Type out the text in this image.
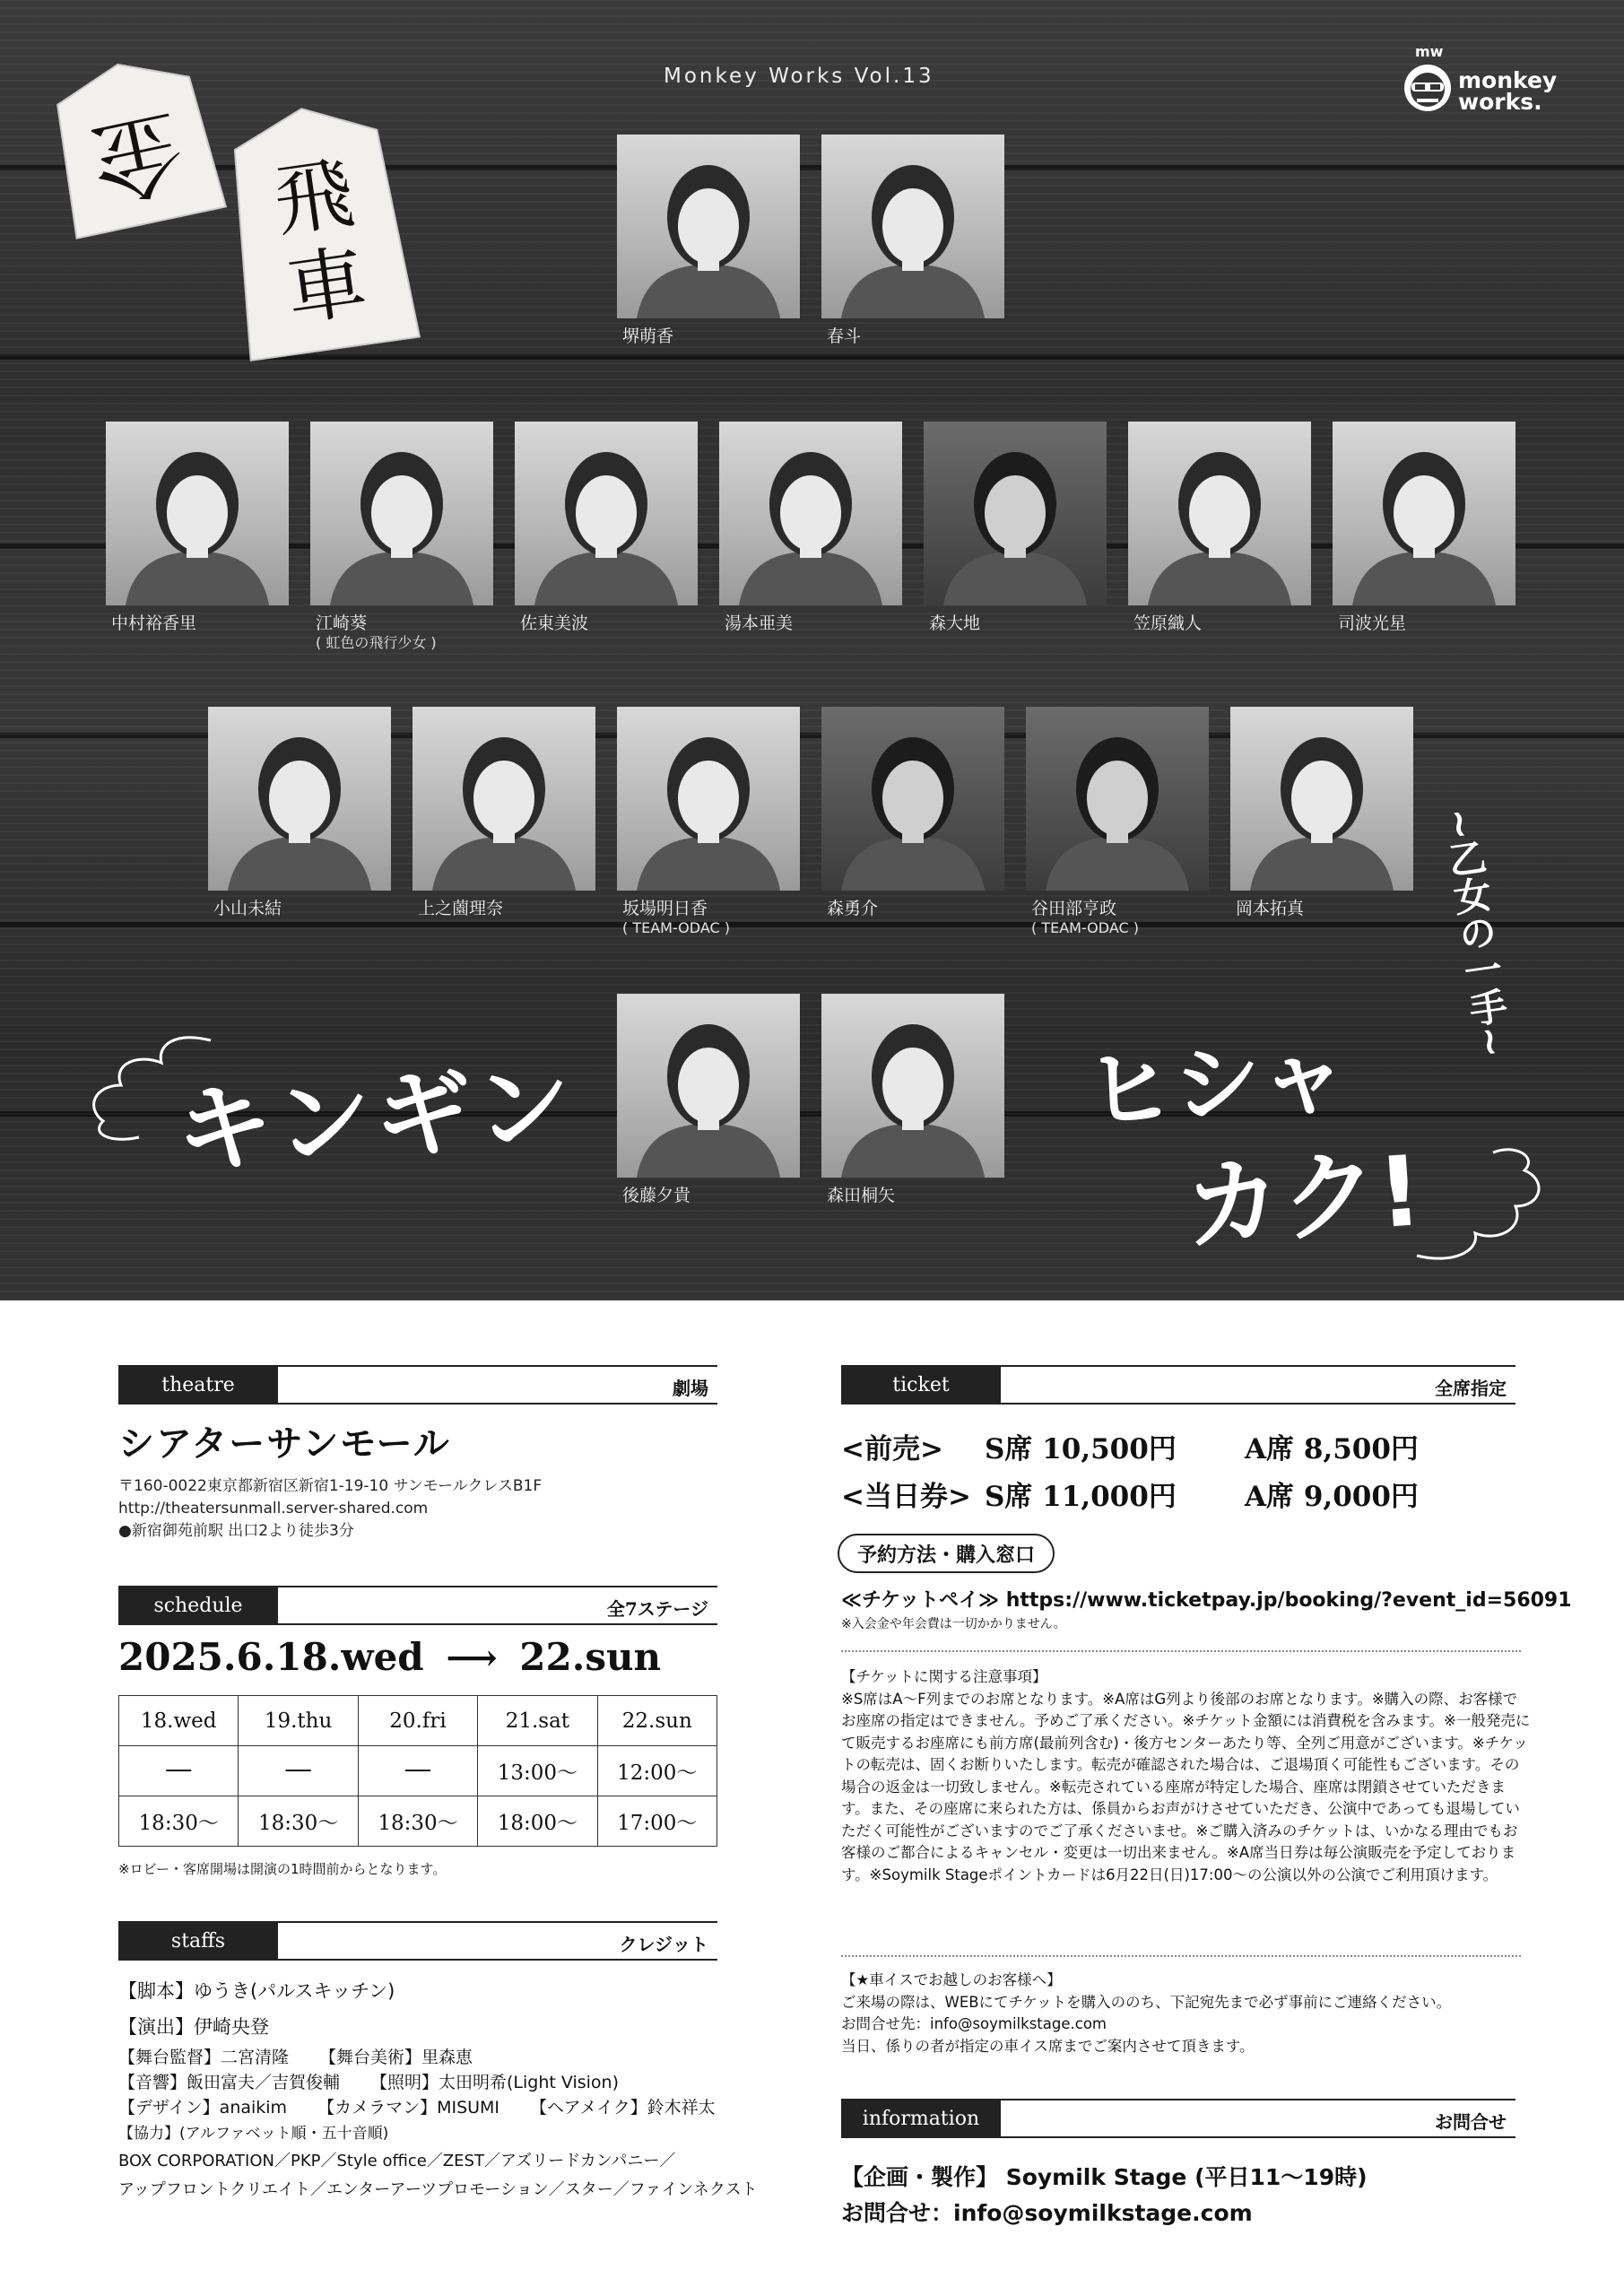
Monkey Works Vol.13
mw
monkey
works.
金 飛
車	堺萌香	春斗
中村裕香里	江崎葵
( 虹色の飛行少女 )
佐東美波	湯本亜美	森大地	笠原織人	司波光星
小山未結	上之薗理奈	坂場明日香
( TEAM-ODAC )
森勇介	谷田部亨政
( TEAM-ODAC )
岡本拓真
後藤夕貴	森田桐矢
キンギン	ヒシャ
カク!
~乙女の一手~
theatre	劇場
シアターサンモール
〒160-0022東京都新宿区新宿1-19-10 サンモールクレスB1F
http://theatersunmall.server-shared.com
●新宿御苑前駅 出口2より徒歩3分
schedule	全7ステージ
2025.6.18.wed ⟶ 22.sun
18.wed	19.thu	20.fri	21.sat	22.sun
──	──	──	13:00～	12:00～
18:30～	18:30～	18:30～	18:00～	17:00～
※ロビー・客席開場は開演の1時間前からとなります。
staffs	クレジット
【脚本】ゆうき(パルスキッチン)
【演出】伊崎央登
【舞台監督】二宮清隆 【舞台美術】里森恵
【音響】飯田富夫／吉賀俊輔 【照明】太田明希(Light Vision)
【デザイン】anaikim 【カメラマン】MISUMI 【ヘアメイク】鈴木祥太
【協力】(アルファベット順・五十音順)
BOX CORPORATION／PKP／Style office／ZEST／アズリードカンパニー／
アップフロントクリエイト／エンターアーツプロモーション／スター／ファインネクスト
ticket	全席指定
<前売>	S席 10,500円	A席 8,500円
<当日券> S席 11,000円	A席 9,000円
予約方法・購入窓口
≪チケットペイ≫ https://www.ticketpay.jp/booking/?event_id=56091
※入会金や年会費は一切かかりません。
【チケットに関する注意事項】
※S席はA～F列までのお席となります。※A席はG列より後部のお席となります。※購入の際、お客様でお座席の指定はできません。予めご了承ください。※チケット金額には消費税を含みます。※一般発売にて販売するお座席にも前方席(最前列含む)・後方センターあたり等、全列ご用意がございます。※チケットの転売は、固くお断りいたします。転売が確認された場合は、ご退場頂く可能性もございます。その場合の返金は一切致しません。※転売されている座席が特定した場合、座席は閉鎖させていただきます。また、その座席に来られた方は、係員からお声がけさせていただき、公演中であっても退場していただく可能性がございますのでご了承くださいませ。※ご購入済みのチケットは、いかなる理由でもお客様のご都合によるキャンセル・変更は一切出来ません。※A席当日券は毎公演販売を予定しております。※Soymilk Stageポイントカードは6月22日(日)17:00～の公演以外の公演でご利用頂けます。
【★車イスでお越しのお客様へ】
ご来場の際は、WEBにてチケットを購入ののち、下記宛先まで必ず事前にご連絡ください。
お問合せ先：info@soymilkstage.com
当日、係りの者が指定の車イス席までご案内させて頂きます。
information	お問合せ
【企画・製作】 Soymilk Stage (平日11～19時)
お問合せ：info@soymilkstage.com
